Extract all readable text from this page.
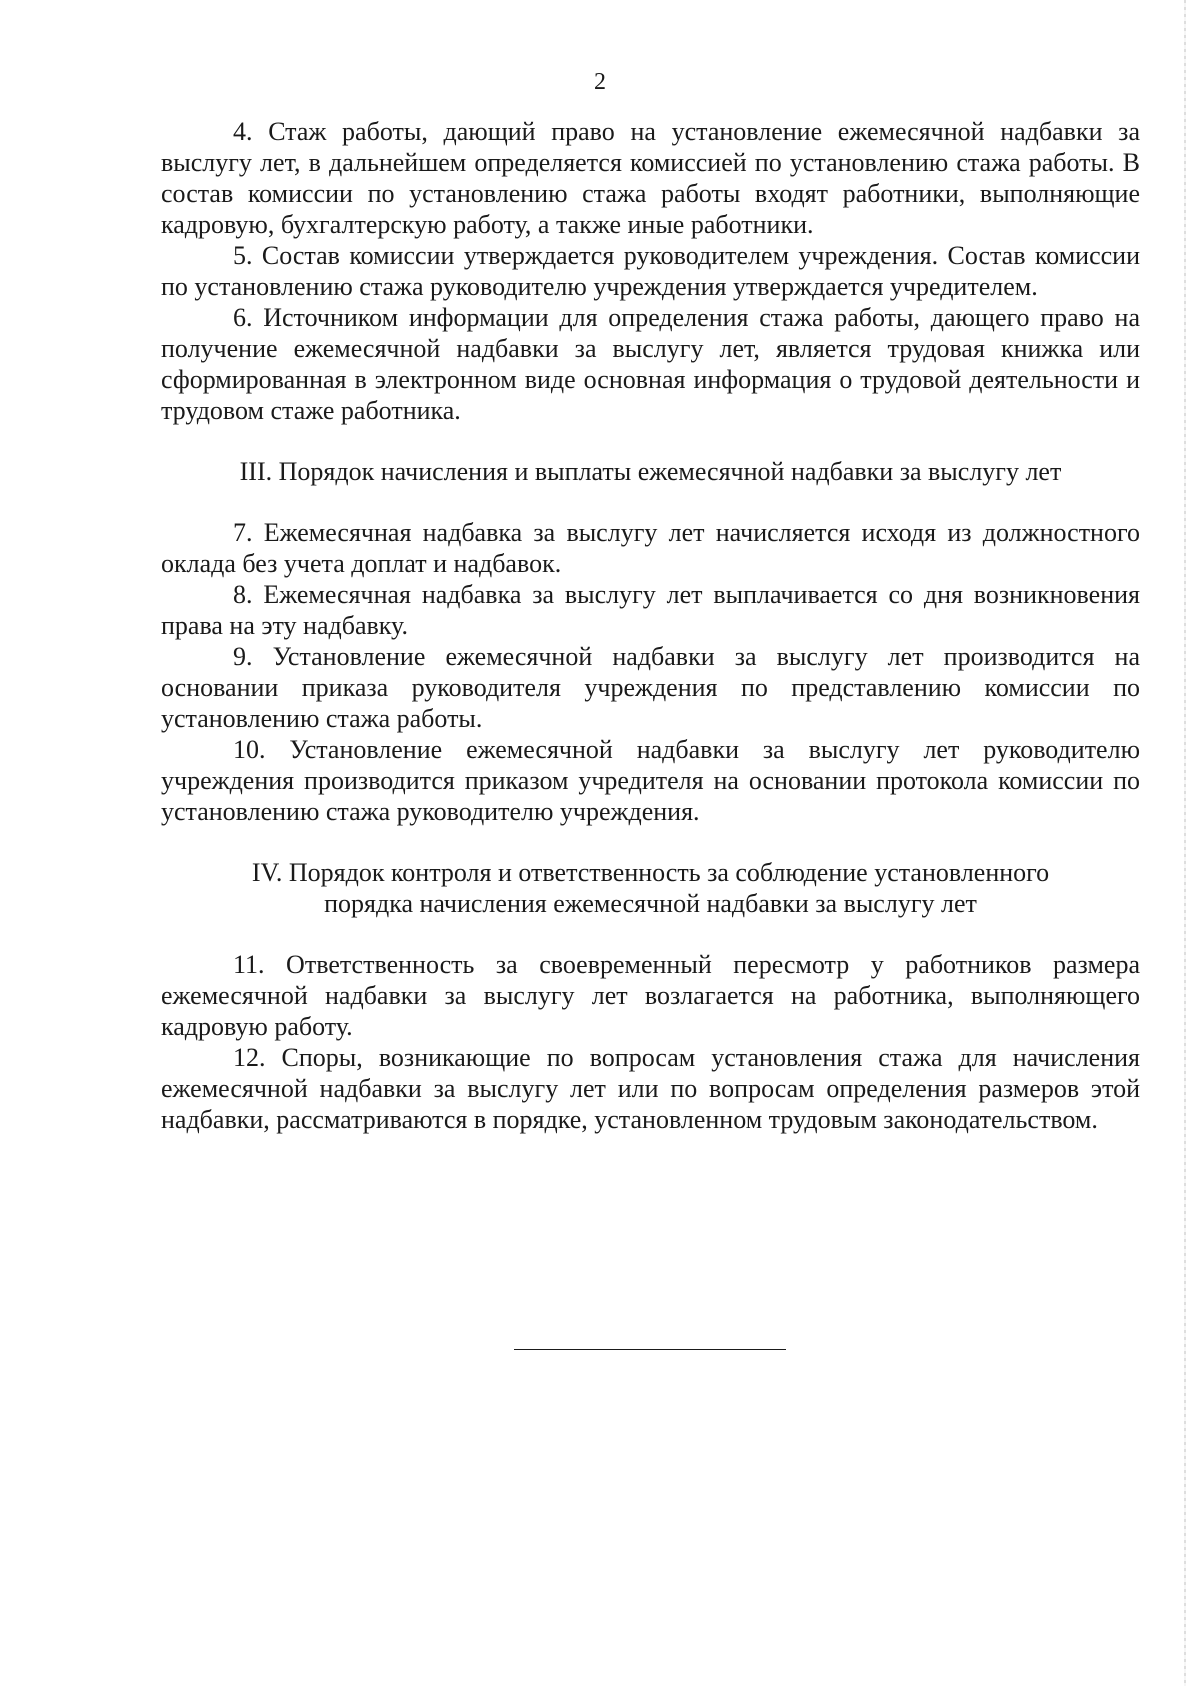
2

4. Стаж работы, дающий право на установление ежемесячной надбавки за выслугу лет, в дальнейшем определяется комиссией по установлению стажа работы. В состав комиссии по установлению стажа работы входят работники, выполняющие кадровую, бухгалтерскую работу, а также иные работники.

5. Состав комиссии утверждается руководителем учреждения. Состав комиссии по установлению стажа руководителю учреждения утверждается учредителем.

6. Источником информации для определения стажа работы, дающего право на получение ежемесячной надбавки за выслугу лет, является трудовая книжка или сформированная в электронном виде основная информация о трудовой деятельности и трудовом стаже работника.

III. Порядок начисления и выплаты ежемесячной надбавки за выслугу лет

7. Ежемесячная надбавка за выслугу лет начисляется исходя из должностного оклада без учета доплат и надбавок.

8. Ежемесячная надбавка за выслугу лет выплачивается со дня возникновения права на эту надбавку.

9. Установление ежемесячной надбавки за выслугу лет производится на основании приказа руководителя учреждения по представлению комиссии по установлению стажа работы.

10. Установление ежемесячной надбавки за выслугу лет руководителю учреждения производится приказом учредителя на основании протокола комиссии по установлению стажа руководителю учреждения.

IV. Порядок контроля и ответственность за соблюдение установленного
порядка начисления ежемесячной надбавки за выслугу лет

11. Ответственность за своевременный пересмотр у работников размера ежемесячной надбавки за выслугу лет возлагается на работника, выполняющего кадровую работу.

12. Споры, возникающие по вопросам установления стажа для начисления ежемесячной надбавки за выслугу лет или по вопросам определения размеров этой надбавки, рассматриваются в порядке, установленном трудовым законодательством.
